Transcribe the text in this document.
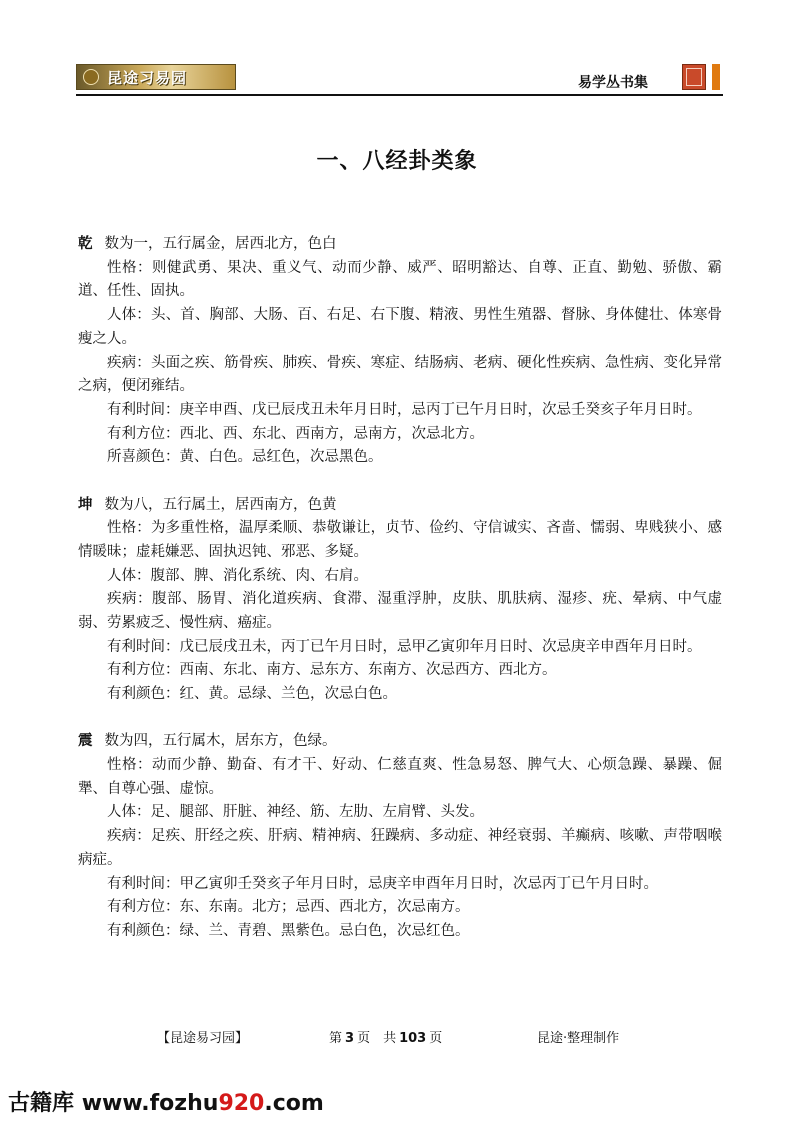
昆途习易园	易学丛书集
一、八经卦类象

乾 数为一，五行属金，居西北方，色白

性格：则健武勇、果决、重义气、动而少静、威严、昭明豁达、自尊、正直、勤勉、骄傲、霸道、任性、固执。

人体：头、首、胸部、大肠、百、右足、右下腹、精液、男性生殖器、督脉、身体健壮、体寒骨瘦之人。

疾病：头面之疾、筋骨疾、肺疾、骨疾、寒症、结肠病、老病、硬化性疾病、急性病、变化异常之病，便闭雍结。

有利时间：庚辛申酉、戊已辰戌丑未年月日时，忌丙丁已午月日时，次忌壬癸亥子年月日时。

有利方位：西北、西、东北、西南方，忌南方，次忌北方。

所喜颜色：黄、白色。忌红色，次忌黑色。

坤 数为八，五行属土，居西南方，色黄

性格：为多重性格，温厚柔顺、恭敬谦让，贞节、俭约、守信诚实、吝啬、懦弱、卑贱狭小、感情暖昧；虚耗嫌恶、固执迟钝、邪恶、多疑。

人体：腹部、脾、消化系统、肉、右肩。

疾病：腹部、肠胃、消化道疾病、食滞、湿重浮肿，皮肤、肌肤病、湿疹、疣、晕病、中气虚弱、劳累疲乏、慢性病、癌症。

有利时间：戊已辰戌丑未，丙丁已午月日时，忌甲乙寅卯年月日时、次忌庚辛申酉年月日时。

有利方位：西南、东北、南方、忌东方、东南方、次忌西方、西北方。

有利颜色：红、黄。忌绿、兰色，次忌白色。

震 数为四，五行属木，居东方，色绿。

性格：动而少静、勤奋、有才干、好动、仁慈直爽、性急易怒、脾气大、心烦急躁、暴躁、倔犟、自尊心强、虚惊。

人体：足、腿部、肝脏、神经、筋、左肋、左肩臂、头发。

疾病：足疾、肝经之疾、肝病、精神病、狂躁病、多动症、神经衰弱、羊癫病、咳嗽、声带咽喉病症。

有利时间：甲乙寅卯壬癸亥子年月日时，忌庚辛申酉年月日时，次忌丙丁已午月日时。

有利方位：东、东南。北方；忌西、西北方，次忌南方。

有利颜色：绿、兰、青碧、黑紫色。忌白色，次忌红色。

【昆途易习园】	第 3 页　共 103 页	昆途·整理制作
古籍库 www.fozhu920.com
